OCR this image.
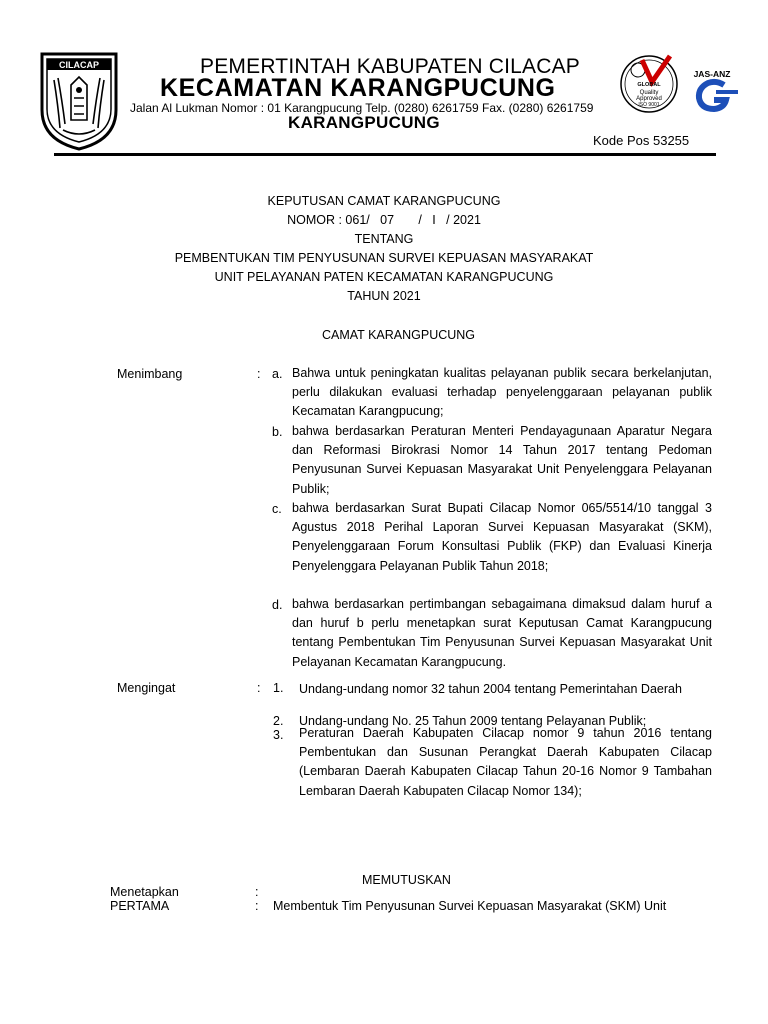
CILACAP	PEMERTINTAH KABUPATEN CILACAP
KECAMATAN KARANGPUCUNG
Jalan Al Lukman Nomor : 01 Karangpucung Telp. (0280) 6261759 Fax. (0280) 6261759
KARANGPUCUNG
GLOBAL
Quality
Approved
ISO 9001
JAS-ANZ
Kode Pos 53255
KEPUTUSAN CAMAT KARANGPUCUNG
NOMOR : 061/   07       /   I   / 2021
TENTANG
PEMBENTUKAN TIM PENYUSUNAN SURVEI KEPUASAN MASYARAKAT
UNIT PELAYANAN PATEN KECAMATAN KARANGPUCUNG
TAHUN 2021
CAMAT KARANGPUCUNG
Menimbang	: a. Bahwa untuk peningkatan kualitas pelayanan publik secara berkelanjutan, perlu dilakukan evaluasi terhadap penyelenggaraan pelayanan publik Kecamatan Karangpucung;
b. bahwa berdasarkan Peraturan Menteri Pendayagunaan Aparatur Negara dan Reformasi Birokrasi Nomor 14 Tahun 2017 tentang Pedoman Penyusunan Survei Kepuasan Masyarakat Unit Penyelenggara Pelayanan Publik;
c. bahwa berdasarkan Surat Bupati Cilacap Nomor 065/5514/10 tanggal 3 Agustus 2018 Perihal Laporan Survei Kepuasan Masyarakat (SKM), Penyelenggaraan Forum Konsultasi Publik (FKP) dan Evaluasi Kinerja Penyelenggara Pelayanan Publik Tahun 2018;
d. bahwa berdasarkan pertimbangan sebagaimana dimaksud dalam huruf a dan huruf b perlu menetapkan surat Keputusan Camat Karangpucung tentang Pembentukan Tim Penyusunan Survei Kepuasan Masyarakat Unit Pelayanan Kecamatan Karangpucung.
Mengingat	: 1. Undang-undang nomor 32 tahun 2004 tentang Pemerintahan Daerah
2. Undang-undang No. 25 Tahun 2009 tentang Pelayanan Publik;
3. Peraturan Daerah Kabupaten Cilacap nomor 9 tahun 2016 tentang Pembentukan dan Susunan Perangkat Daerah Kabupaten Cilacap (Lembaran Daerah Kabupaten Cilacap Tahun 20-16 Nomor 9 Tambahan Lembaran Daerah Kabupaten Cilacap Nomor 134);
MEMUTUSKAN
Menetapkan	:
PERTAMA	: Membentuk Tim Penyusunan Survei Kepuasan Masyarakat (SKM) Unit
